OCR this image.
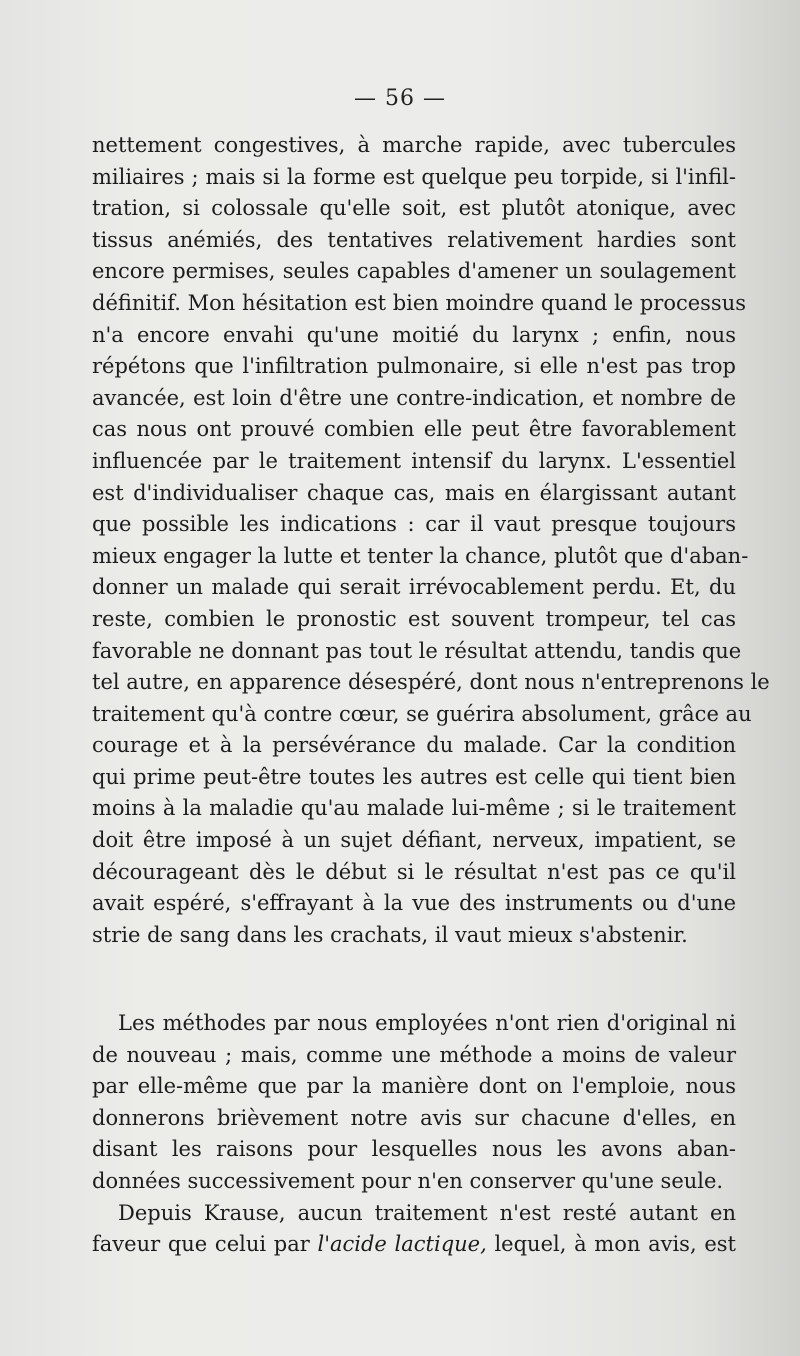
— 56 —
nettement congestives, à marche rapide, avec tubercules
miliaires ; mais si la forme est quelque peu torpide, si l'infil-
tration, si colossale qu'elle soit, est plutôt atonique, avec
tissus anémiés, des tentatives relativement hardies sont
encore permises, seules capables d'amener un soulagement
définitif. Mon hésitation est bien moindre quand le processus
n'a encore envahi qu'une moitié du larynx ; enfin, nous
répétons que l'infiltration pulmonaire, si elle n'est pas trop
avancée, est loin d'être une contre-indication, et nombre de
cas nous ont prouvé combien elle peut être favorablement
influencée par le traitement intensif du larynx. L'essentiel
est d'individualiser chaque cas, mais en élargissant autant
que possible les indications : car il vaut presque toujours
mieux engager la lutte et tenter la chance, plutôt que d'aban-
donner un malade qui serait irrévocablement perdu. Et, du
reste, combien le pronostic est souvent trompeur, tel cas
favorable ne donnant pas tout le résultat attendu, tandis que
tel autre, en apparence désespéré, dont nous n'entreprenons le
traitement qu'à contre cœur, se guérira absolument, grâce au
courage et à la persévérance du malade. Car la condition
qui prime peut-être toutes les autres est celle qui tient bien
moins à la maladie qu'au malade lui-même ; si le traitement
doit être imposé à un sujet défiant, nerveux, impatient, se
décourageant dès le début si le résultat n'est pas ce qu'il
avait espéré, s'effrayant à la vue des instruments ou d'une
strie de sang dans les crachats, il vaut mieux s'abstenir.
Les méthodes par nous employées n'ont rien d'original ni
de nouveau ; mais, comme une méthode a moins de valeur
par elle-même que par la manière dont on l'emploie, nous
donnerons brièvement notre avis sur chacune d'elles, en
disant les raisons pour lesquelles nous les avons aban-
données successivement pour n'en conserver qu'une seule.
Depuis Krause, aucun traitement n'est resté autant en
faveur que celui par l'acide lactique, lequel, à mon avis, est
